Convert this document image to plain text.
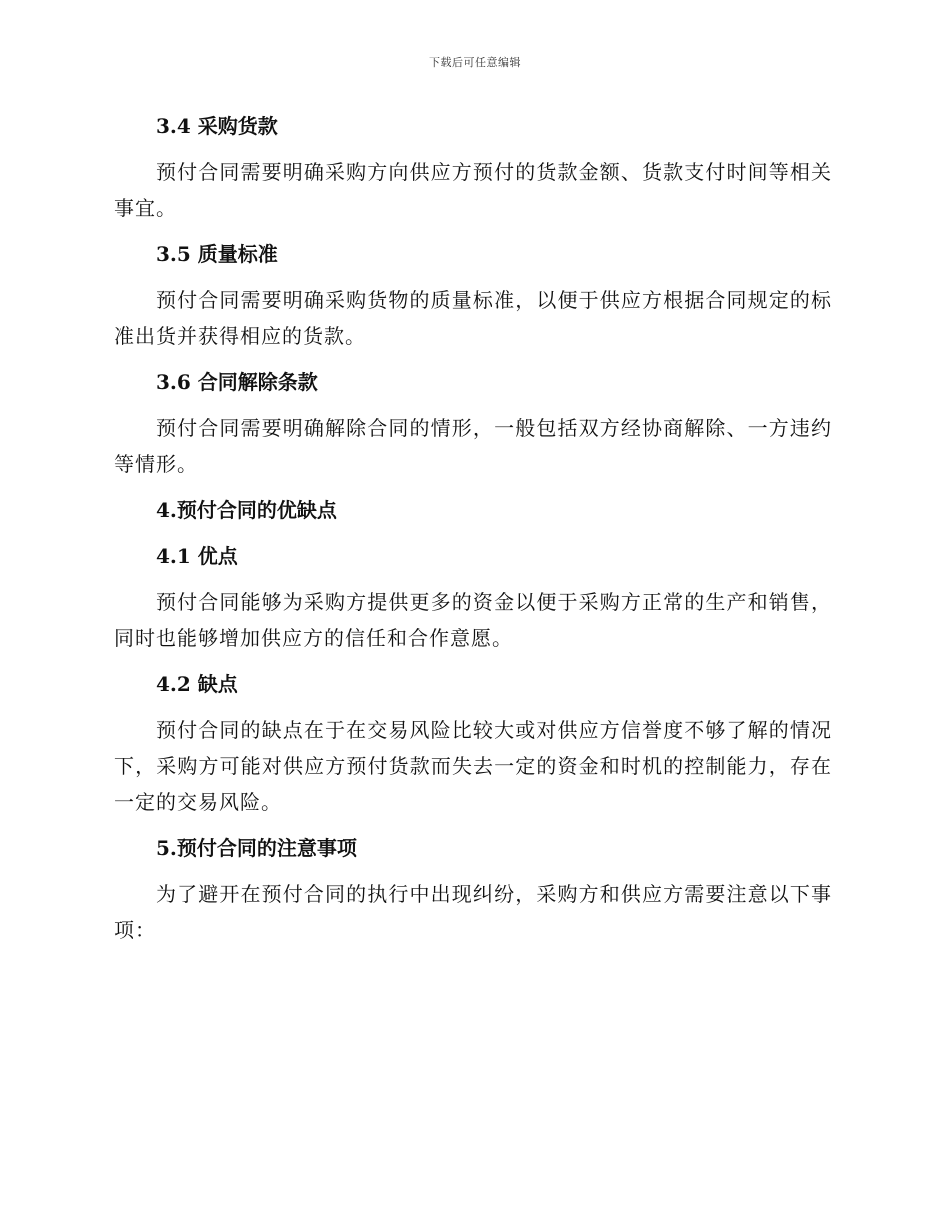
下载后可任意编辑
3.4 采购货款

预付合同需要明确采购方向供应方预付的货款金额、货款支付时间等相关事宜。

3.5 质量标准

预付合同需要明确采购货物的质量标准，以便于供应方根据合同规定的标准出货并获得相应的货款。

3.6 合同解除条款

预付合同需要明确解除合同的情形，一般包括双方经协商解除、一方违约等情形。

4.预付合同的优缺点
4.1 优点

预付合同能够为采购方提供更多的资金以便于采购方正常的生产和销售，同时也能够增加供应方的信任和合作意愿。

4.2 缺点

预付合同的缺点在于在交易风险比较大或对供应方信誉度不够了解的情况下，采购方可能对供应方预付货款而失去一定的资金和时机的控制能力，存在一定的交易风险。

5.预付合同的注意事项

为了避开在预付合同的执行中出现纠纷，采购方和供应方需要注意以下事项：
